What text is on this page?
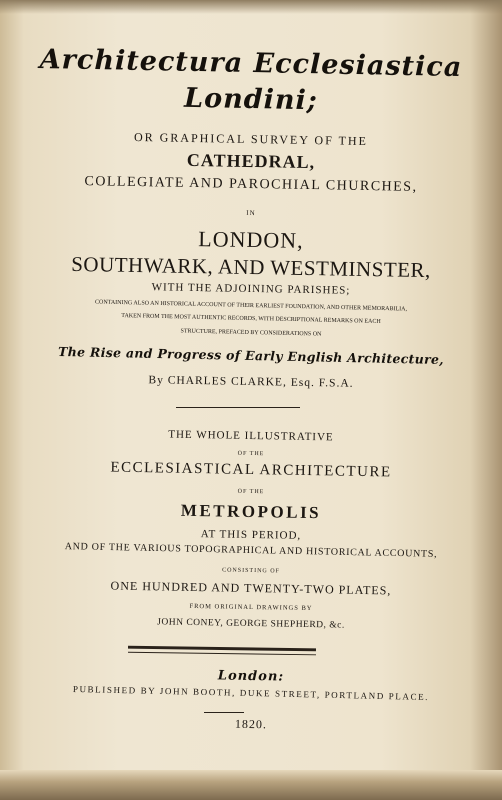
Architectura Ecclesiastica
Londini;
OR GRAPHICAL SURVEY OF THE
CATHEDRAL,
COLLEGIATE AND PAROCHIAL CHURCHES,
IN
LONDON,
SOUTHWARK, AND WESTMINSTER,
WITH THE ADJOINING PARISHES;
CONTAINING ALSO AN HISTORICAL ACCOUNT OF THEIR EARLIEST FOUNDATION, AND OTHER MEMORABILIA,
TAKEN FROM THE MOST AUTHENTIC RECORDS, WITH DESCRIPTIONAL REMARKS ON EACH
STRUCTURE, PREFACED BY CONSIDERATIONS ON
The Rise and Progress of Early English Architecture,
By CHARLES CLARKE, Esq. F.S.A.
THE WHOLE ILLUSTRATIVE
OF THE
ECCLESIASTICAL ARCHITECTURE
OF THE
METROPOLIS
AT THIS PERIOD,
AND OF THE VARIOUS TOPOGRAPHICAL AND HISTORICAL ACCOUNTS,
CONSISTING OF
ONE HUNDRED AND TWENTY-TWO PLATES,
FROM ORIGINAL DRAWINGS BY
JOHN CONEY, GEORGE SHEPHERD, &c.
London:
PUBLISHED BY JOHN BOOTH, DUKE STREET, PORTLAND PLACE.
1820.
